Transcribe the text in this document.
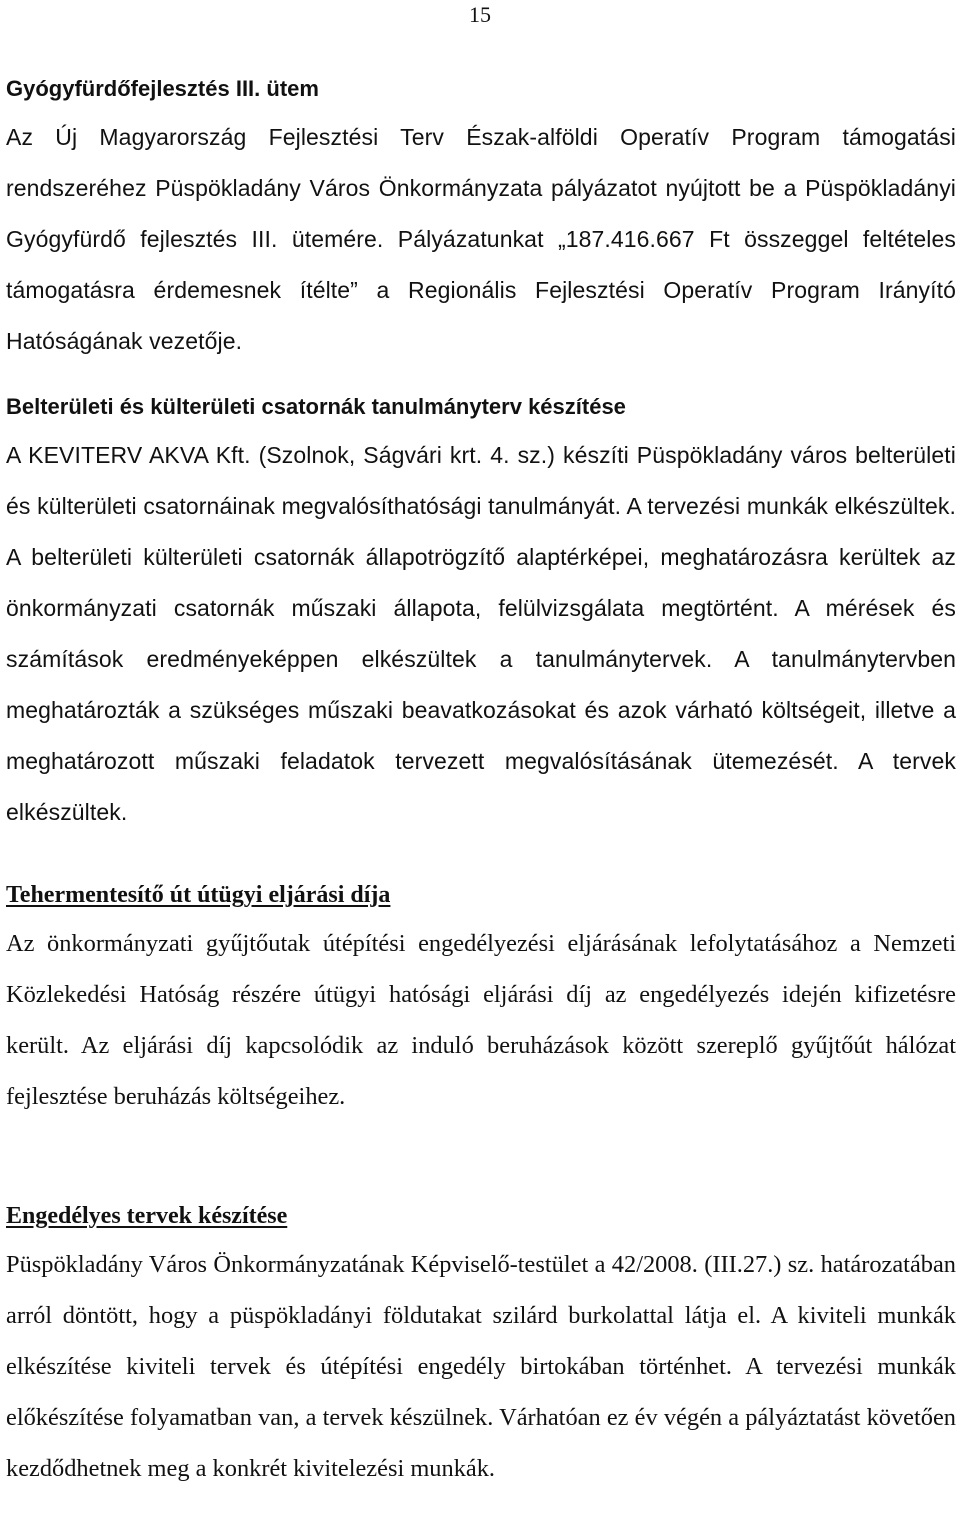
15
Gyógyfürdőfejlesztés III. ütem

Az Új Magyarország Fejlesztési Terv Észak-alföldi Operatív Program támogatási rendszeréhez Püspökladány Város Önkormányzata pályázatot nyújtott be a Püspökladányi Gyógyfürdő fejlesztés III. ütemére. Pályázatunkat „187.416.667 Ft összeggel feltételes támogatásra érdemesnek ítélte” a Regionális Fejlesztési Operatív Program Irányító Hatóságának vezetője.

Belterületi és külterületi csatornák tanulmányterv készítése

A KEVITERV AKVA Kft. (Szolnok, Ságvári krt. 4. sz.) készíti Püspökladány város belterületi és külterületi csatornáinak megvalósíthatósági tanulmányát. A tervezési munkák elkészültek. A belterületi külterületi csatornák állapotrögzítő alaptérképei, meghatározásra kerültek az önkormányzati csatornák műszaki állapota, felülvizsgálata megtörtént. A mérések és számítások eredményeképpen elkészültek a tanulmánytervek. A tanulmánytervben meghatározták a szükséges műszaki beavatkozásokat és azok várható költségeit, illetve a meghatározott műszaki feladatok tervezett megvalósításának ütemezését. A tervek elkészültek.

Tehermentesítő út útügyi eljárási díja

Az önkormányzati gyűjtőutak útépítési engedélyezési eljárásának lefolytatásához a Nemzeti Közlekedési Hatóság részére útügyi hatósági eljárási díj az engedélyezés idején kifizetésre került. Az eljárási díj kapcsolódik az induló beruházások között szereplő gyűjtőút hálózat fejlesztése beruházás költségeihez.

Engedélyes tervek készítése

Püspökladány Város Önkormányzatának Képviselő-testület a 42/2008. (III.27.) sz. határozatában arról döntött, hogy a püspökladányi földutakat szilárd burkolattal látja el. A kiviteli munkák elkészítése kiviteli tervek és útépítési engedély birtokában történhet. A tervezési munkák előkészítése folyamatban van, a tervek készülnek. Várhatóan ez év végén a pályáztatást követően kezdődhetnek meg a konkrét kivitelezési munkák.
